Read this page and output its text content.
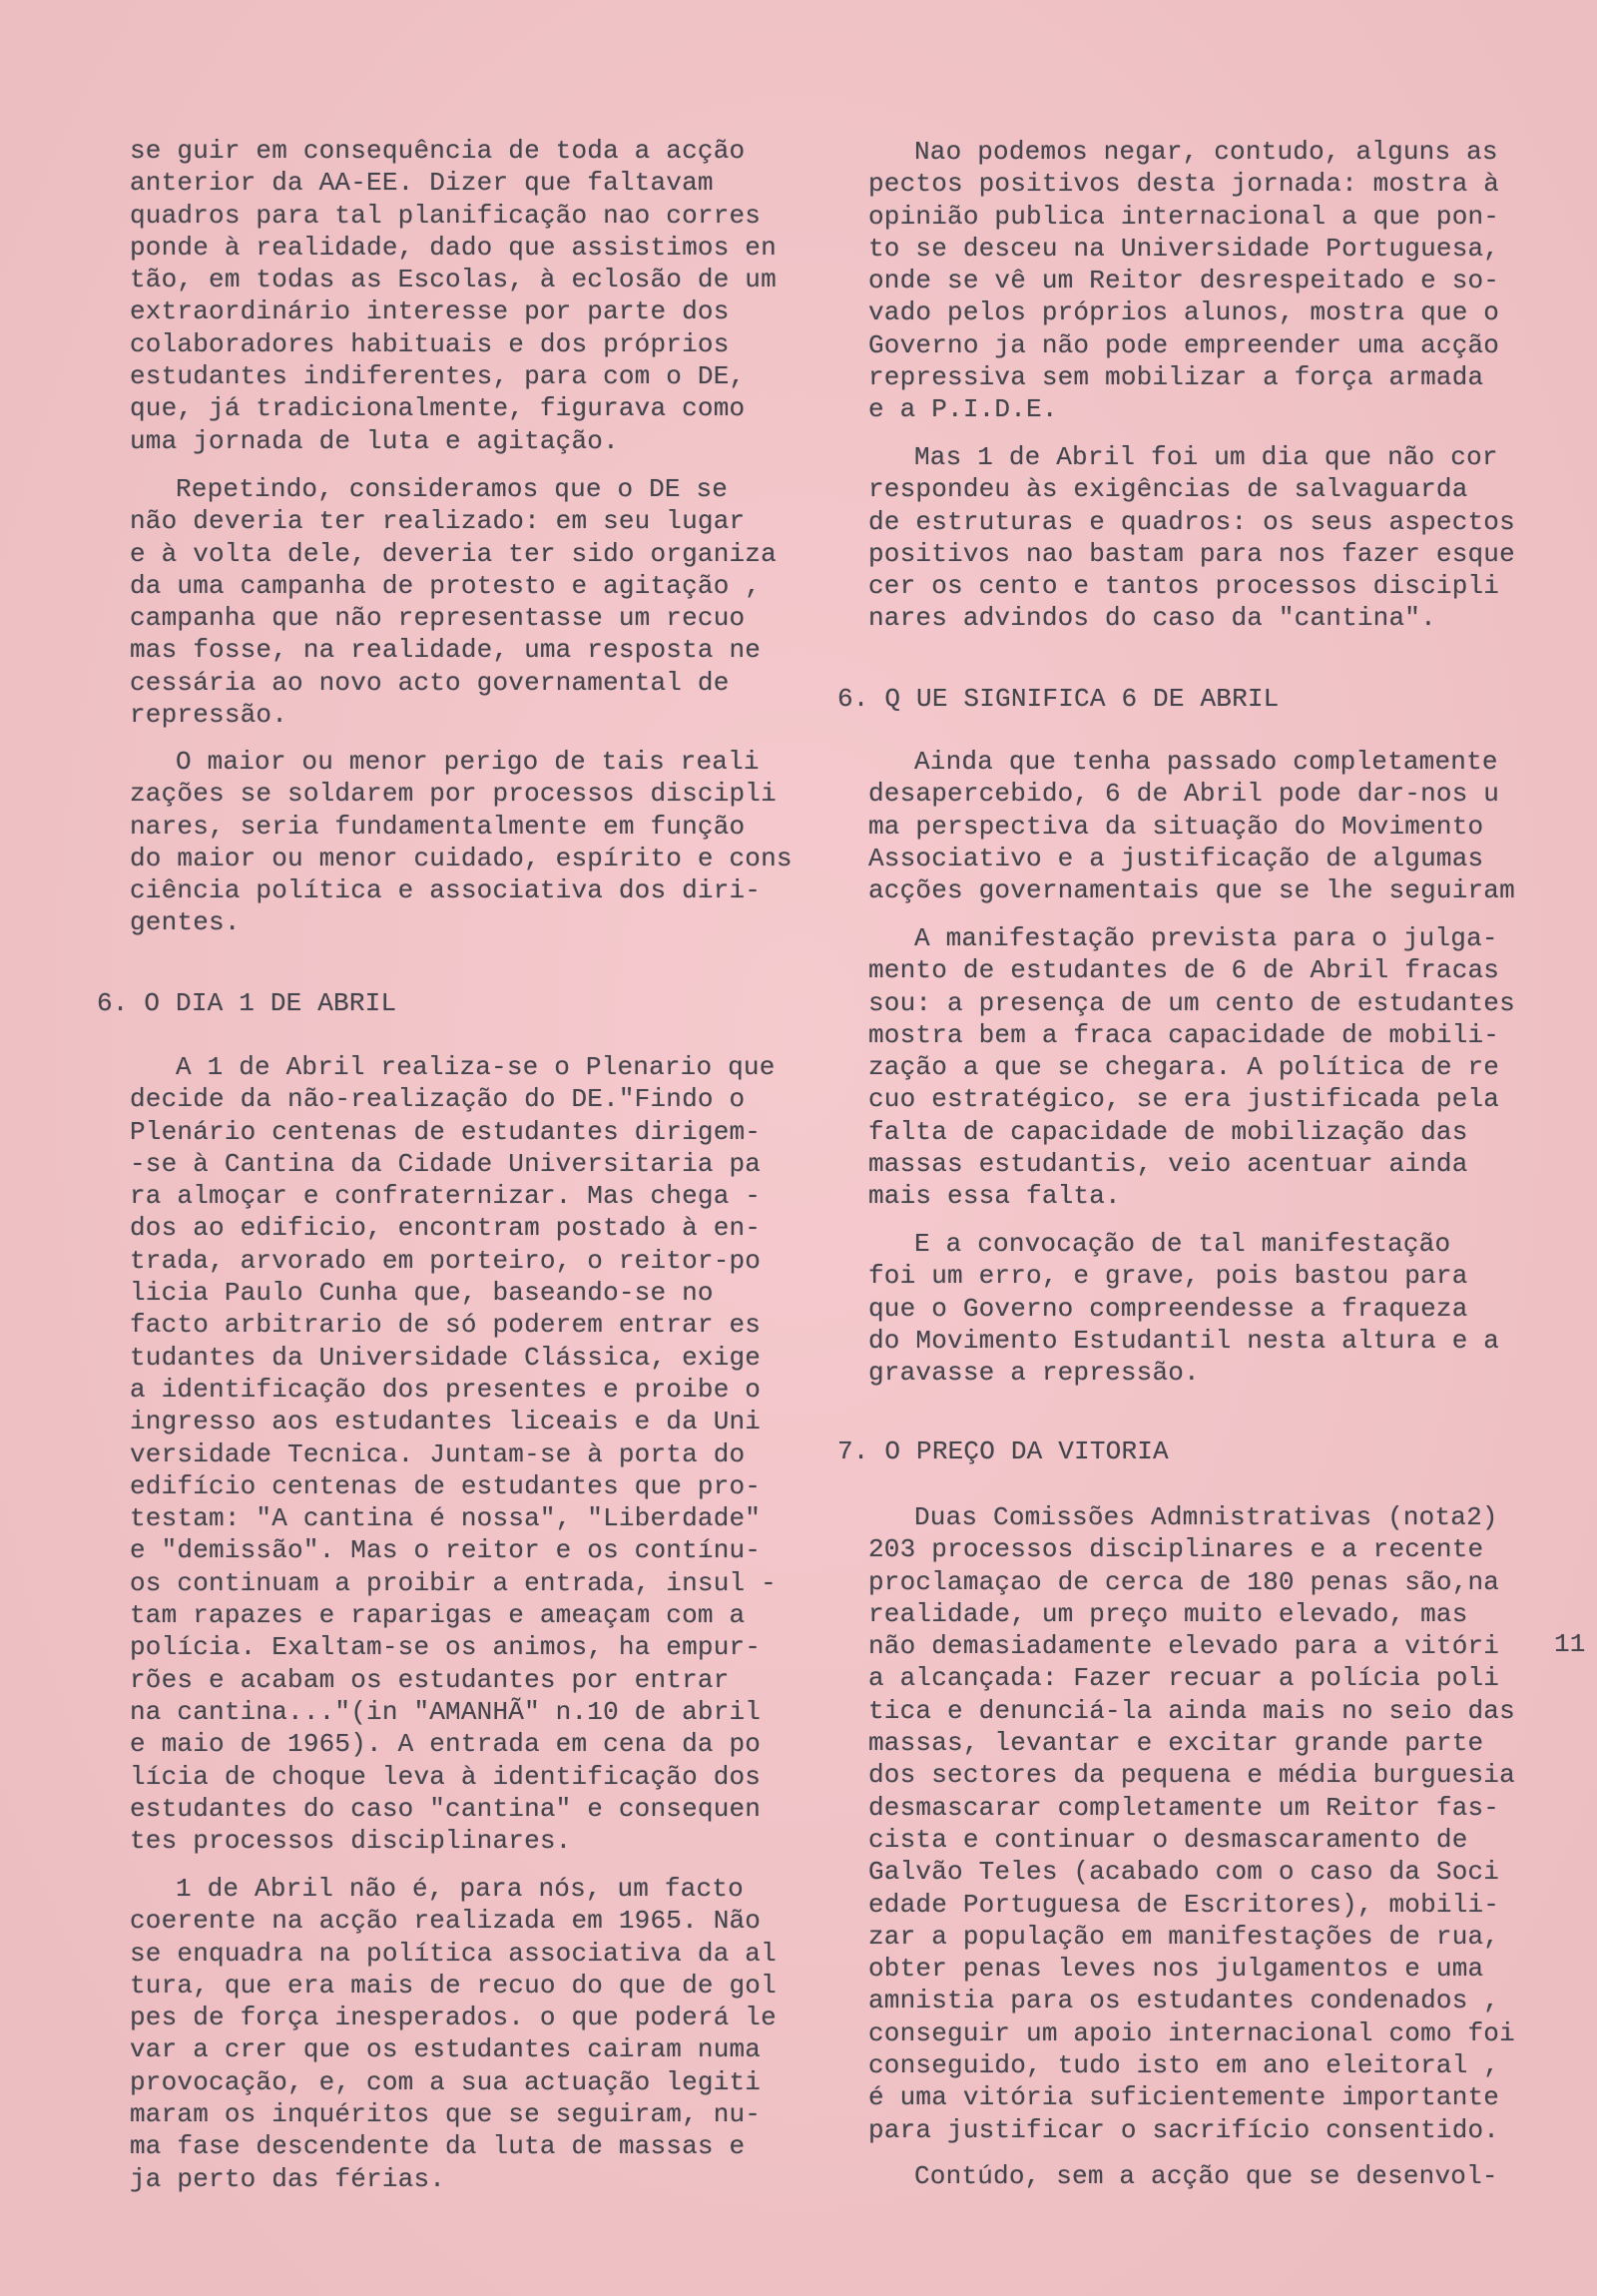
se guir em consequência de toda a acção
anterior da AA-EE. Dizer que faltavam
quadros para tal planificação nao corres
ponde à realidade, dado que assistimos en
tão, em todas as Escolas, à eclosão de um
extraordinário interesse por parte dos
colaboradores habituais e dos próprios
estudantes indiferentes, para com o DE,
que, já tradicionalmente, figurava como
uma jornada de luta e agitação.
Repetindo, consideramos que o DE se
não deveria ter realizado: em seu lugar
e à volta dele, deveria ter sido organiza
da uma campanha de protesto e agitação ,
campanha que não representasse um recuo
mas fosse, na realidade, uma resposta ne
cessária ao novo acto governamental de
repressão.
O maior ou menor perigo de tais reali
zações se soldarem por processos discipli
nares, seria fundamentalmente em função
do maior ou menor cuidado, espírito e cons
ciência política e associativa dos diri-
gentes.
6. O DIA 1 DE ABRIL
A 1 de Abril realiza-se o Plenario que
decide da não-realização do DE."Findo o
Plenário centenas de estudantes dirigem-
-se à Cantina da Cidade Universitaria pa
ra almoçar e confraternizar. Mas chega -
dos ao edificio, encontram postado à en-
trada, arvorado em porteiro, o reitor-po
licia Paulo Cunha que, baseando-se no
facto arbitrario de só poderem entrar es
tudantes da Universidade Clássica, exige
a identificação dos presentes e proibe o
ingresso aos estudantes liceais e da Uni
versidade Tecnica. Juntam-se à porta do
edifício centenas de estudantes que pro-
testam: "A cantina é nossa", "Liberdade"
e "demissão". Mas o reitor e os contínu-
os continuam a proibir a entrada, insul -
tam rapazes e raparigas e ameaçam com a
polícia. Exaltam-se os animos, ha empur-
rões e acabam os estudantes por entrar
na cantina..."(in "AMANHÃ" n.10 de abril
e maio de 1965). A entrada em cena da po
lícia de choque leva à identificação dos
estudantes do caso "cantina" e consequen
tes processos disciplinares.
1 de Abril não é, para nós, um facto
coerente na acção realizada em 1965. Não
se enquadra na política associativa da al
tura, que era mais de recuo do que de gol
pes de força inesperados. o que poderá le
var a crer que os estudantes cairam numa
provocação, e, com a sua actuação legiti
maram os inquéritos que se seguiram, nu-
ma fase descendente da luta de massas e
ja perto das férias.
Nao podemos negar, contudo, alguns as
pectos positivos desta jornada: mostra à
opinião publica internacional a que pon-
to se desceu na Universidade Portuguesa,
onde se vê um Reitor desrespeitado e so-
vado pelos próprios alunos, mostra que o
Governo ja não pode empreender uma acção
repressiva sem mobilizar a força armada
e a P.I.D.E.
Mas 1 de Abril foi um dia que não cor
respondeu às exigências de salvaguarda
de estruturas e quadros: os seus aspectos
positivos nao bastam para nos fazer esque
cer os cento e tantos processos discipli
nares advindos do caso da "cantina".
6. Q UE SIGNIFICA 6 DE ABRIL
Ainda que tenha passado completamente
desapercebido, 6 de Abril pode dar-nos u
ma perspectiva da situação do Movimento
Associativo e a justificação de algumas
acções governamentais que se lhe seguiram
A manifestação prevista para o julga-
mento de estudantes de 6 de Abril fracas
sou: a presença de um cento de estudantes
mostra bem a fraca capacidade de mobili-
zação a que se chegara. A política de re
cuo estratégico, se era justificada pela
falta de capacidade de mobilização das
massas estudantis, veio acentuar ainda
mais essa falta.
E a convocação de tal manifestação
foi um erro, e grave, pois bastou para
que o Governo compreendesse a fraqueza
do Movimento Estudantil nesta altura e a
gravasse a repressão.
7. O PREÇO DA VITORIA
Duas Comissões Admnistrativas (nota2)
203 processos disciplinares e a recente
proclamaçao de cerca de 180 penas são,na
realidade, um preço muito elevado, mas
não demasiadamente elevado para a vitóri
a alcançada: Fazer recuar a polícia poli
tica e denunciá-la ainda mais no seio das
massas, levantar e excitar grande parte
dos sectores da pequena e média burguesia
desmascarar completamente um Reitor fas-
cista e continuar o desmascaramento de
Galvão Teles (acabado com o caso da Soci
edade Portuguesa de Escritores), mobili-
zar a população em manifestações de rua,
obter penas leves nos julgamentos e uma
amnistia para os estudantes condenados ,
conseguir um apoio internacional como foi
conseguido, tudo isto em ano eleitoral ,
é uma vitória suficientemente importante
para justificar o sacrifício consentido.
Contúdo, sem a acção que se desenvol-
11
